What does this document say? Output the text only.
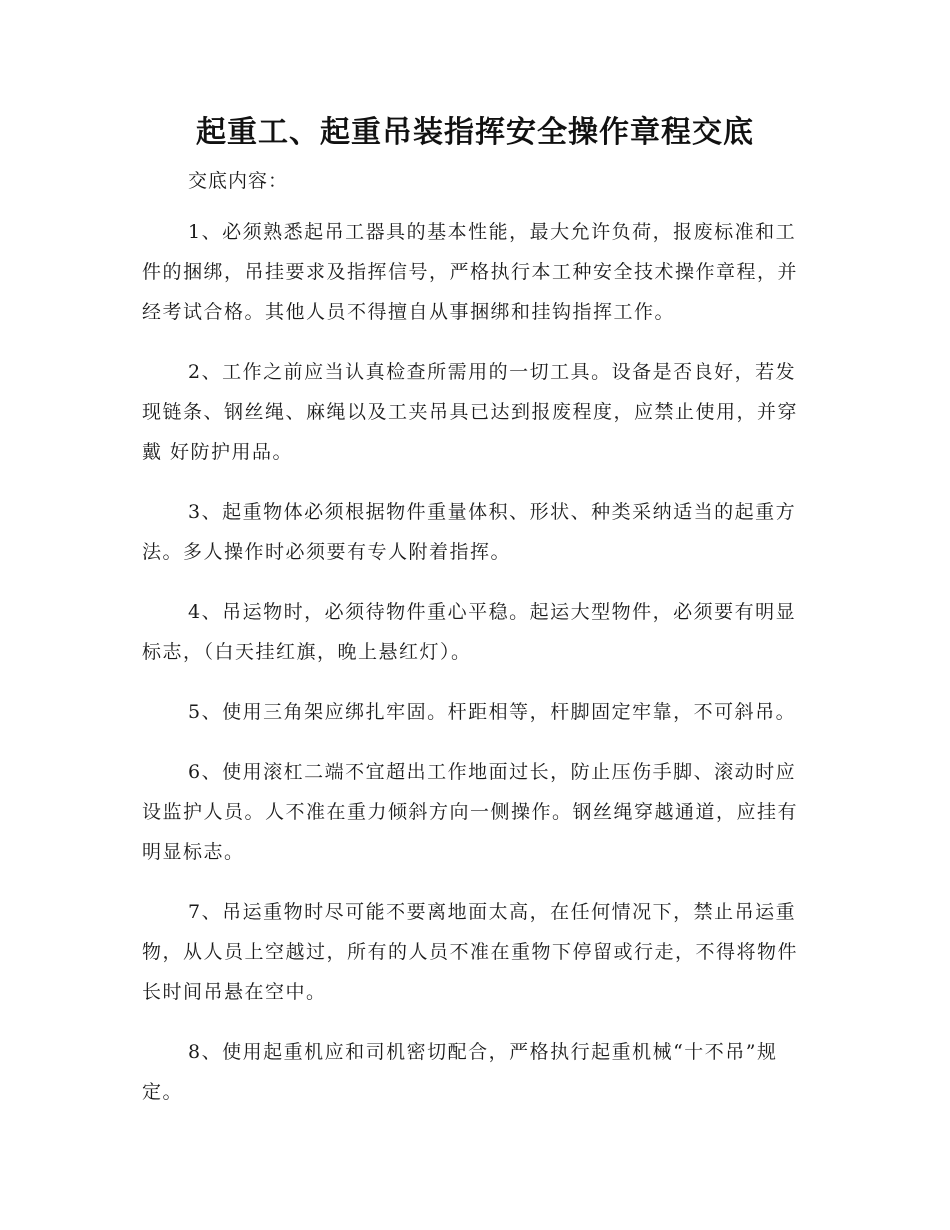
起重工、起重吊装指挥安全操作章程交底

交底内容：

1、必须熟悉起吊工器具的基本性能，最大允许负荷，报废标准和工件的捆绑，吊挂要求及指挥信号，严格执行本工种安全技术操作章程，并经考试合格。其他人员不得擅自从事捆绑和挂钩指挥工作。

2、工作之前应当认真检查所需用的一切工具。设备是否良好，若发现链条、钢丝绳、麻绳以及工夹吊具已达到报废程度，应禁止使用，并穿戴 好防护用品。

3、起重物体必须根据物件重量体积、形状、种类采纳适当的起重方法。多人操作时必须要有专人附着指挥。

4、吊运物时，必须待物件重心平稳。起运大型物件，必须要有明显标志，（白天挂红旗，晚上悬红灯）。

5、使用三角架应绑扎牢固。杆距相等，杆脚固定牢靠，不可斜吊。

6、使用滚杠二端不宜超出工作地面过长，防止压伤手脚、滚动时应设监护人员。人不准在重力倾斜方向一侧操作。钢丝绳穿越通道，应挂有明显标志。

7、吊运重物时尽可能不要离地面太高，在任何情况下，禁止吊运重物，从人员上空越过，所有的人员不准在重物下停留或行走，不得将物件长时间吊悬在空中。

8、使用起重机应和司机密切配合，严格执行起重机械“十不吊”规定。
